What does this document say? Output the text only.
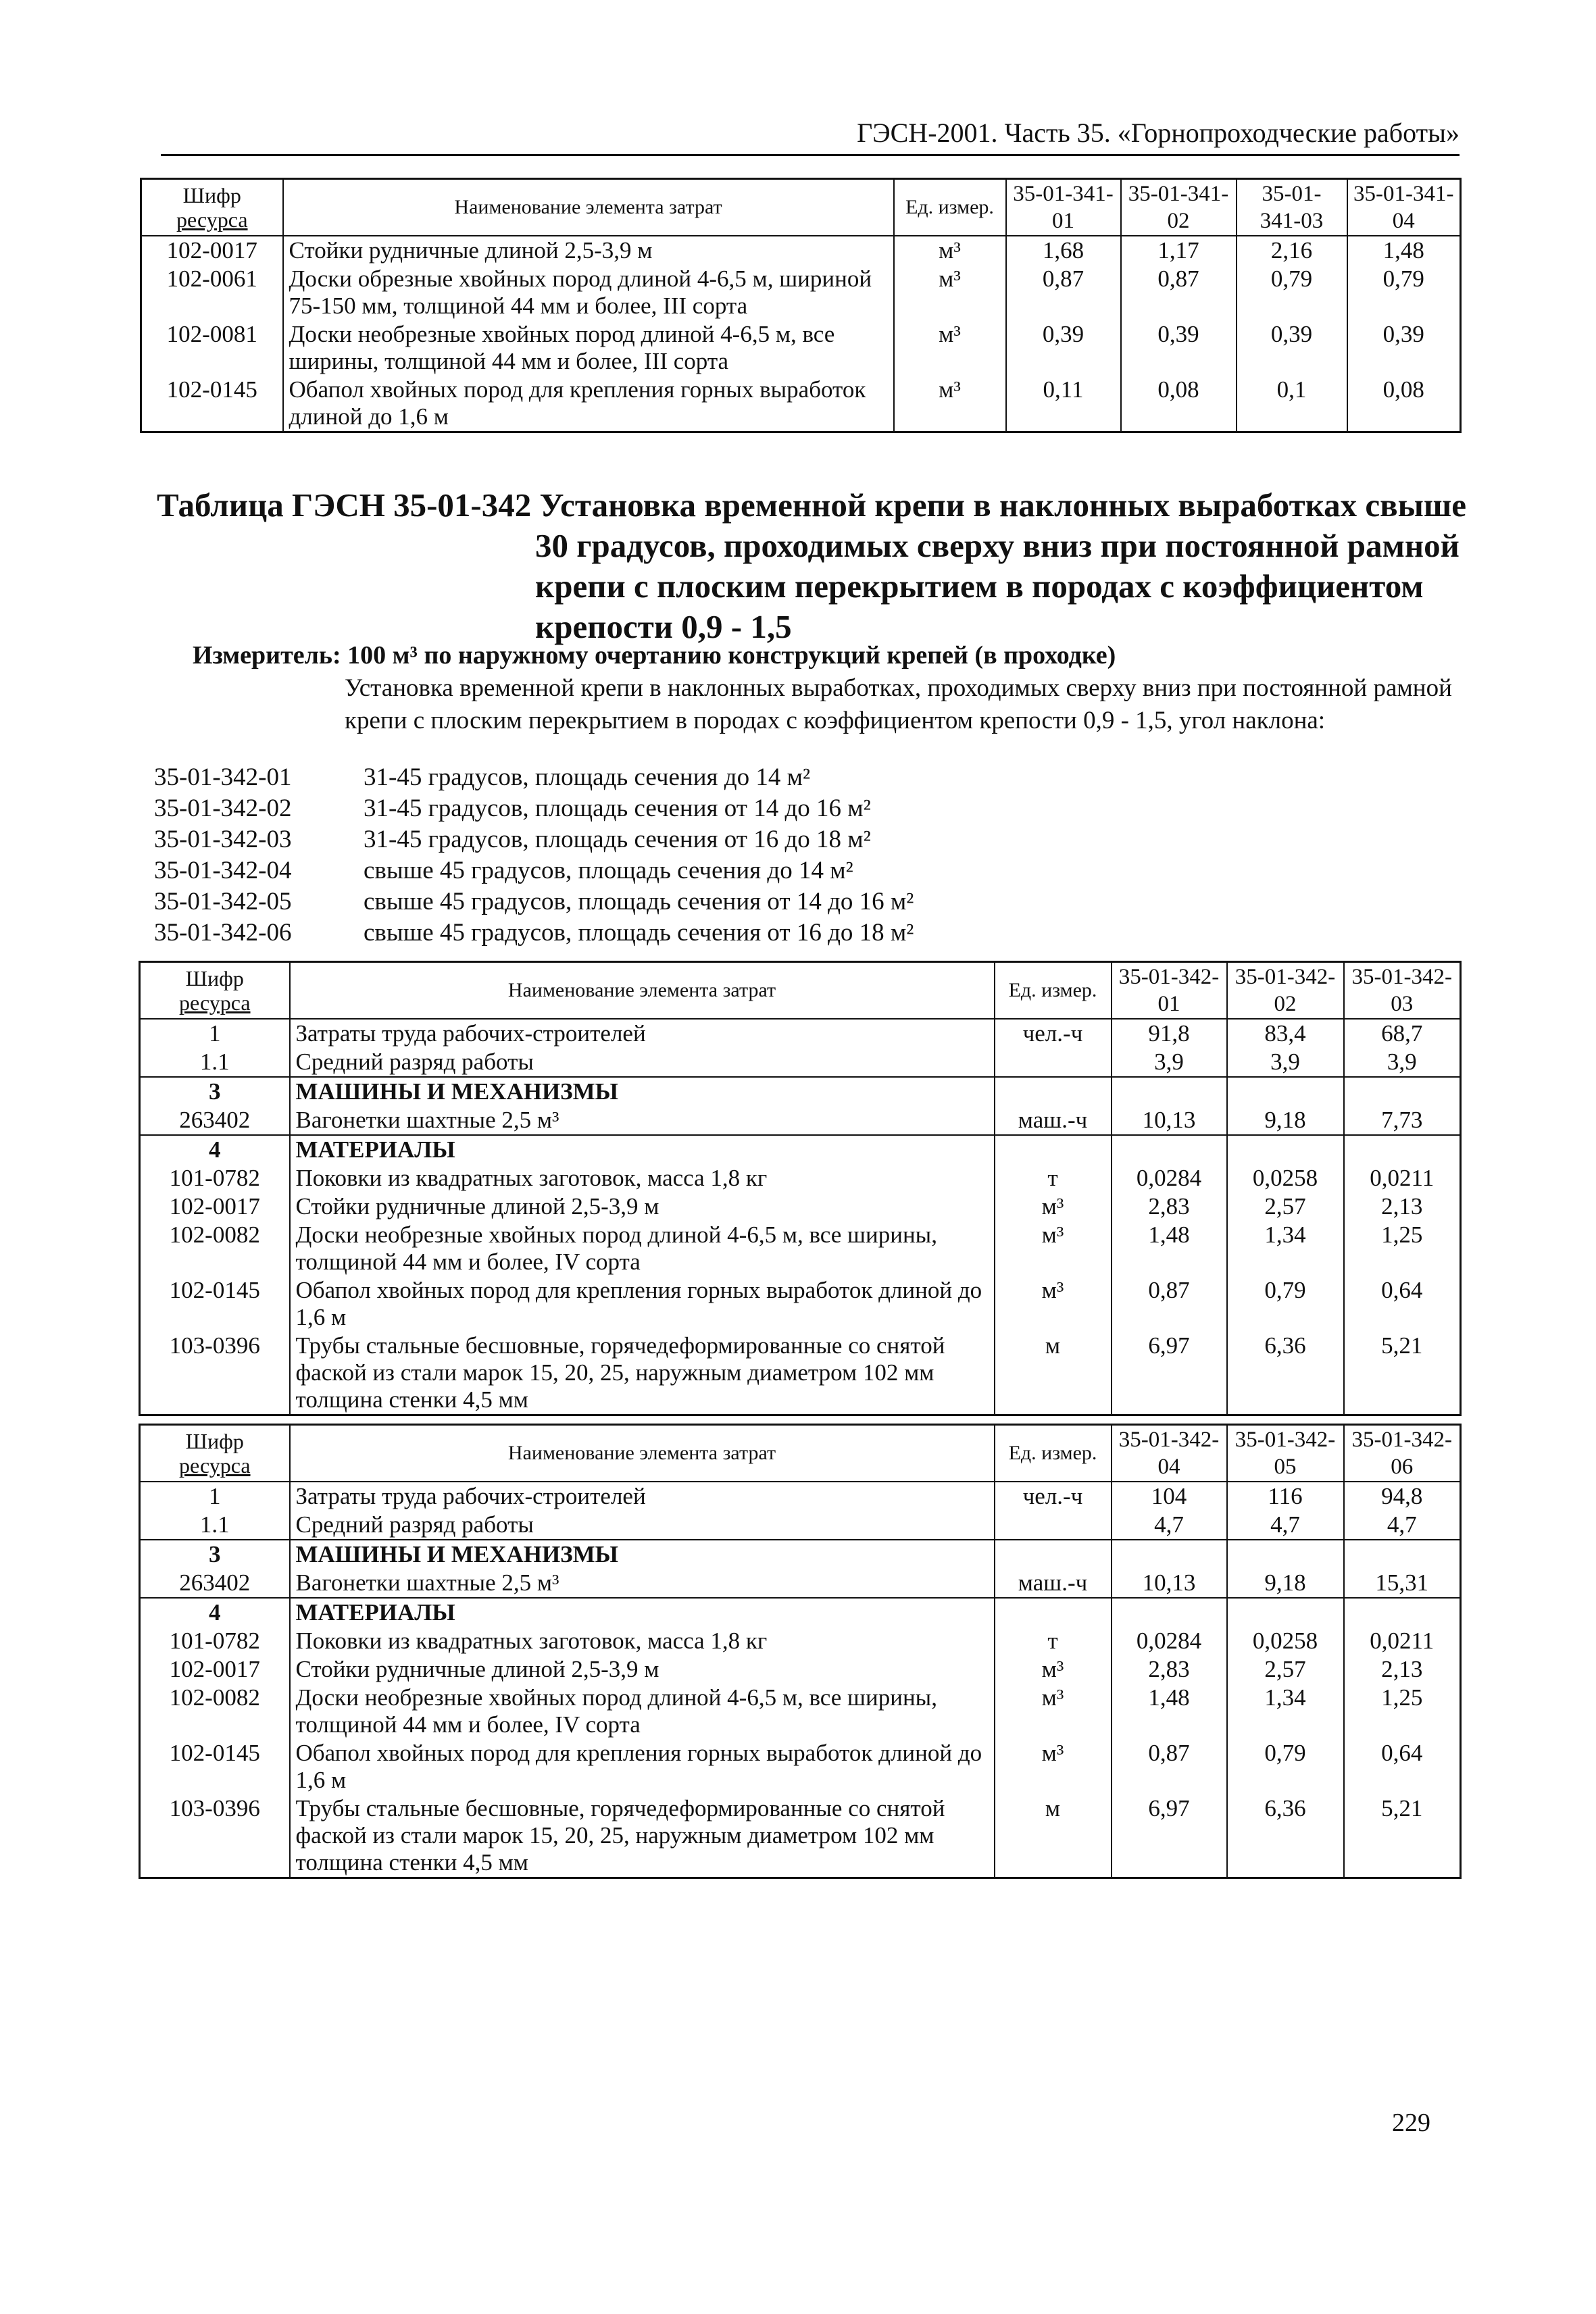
ГЭСН-2001. Часть 35. «Горнопроходческие работы»
Шифр
ресурса	Наименование элемента затрат	Ед. измер.	35-01-341-01	35-01-341-02	35-01-341-03	35-01-341-04
102-0017	Стойки рудничные длиной 2,5-3,9 м	м³	1,68	1,17	2,16	1,48
102-0061	Доски обрезные хвойных пород длиной 4-6,5 м, шириной 75-150 мм, толщиной 44 мм и более, III сорта	м³	0,87	0,87	0,79	0,79
102-0081	Доски необрезные хвойных пород длиной 4-6,5 м, все ширины, толщиной 44 мм и более, III сорта	м³	0,39	0,39	0,39	0,39
102-0145	Обапол хвойных пород для крепления горных выработок длиной до 1,6 м	м³	0,11	0,08	0,1	0,08
Таблица ГЭСН 35-01-342 Установка временной крепи в наклонных выработках свыше
30 градусов, проходимых сверху вниз при постоянной рамной крепи с плоским перекрытием в породах с коэффициентом крепости 0,9 - 1,5
Измеритель: 100 м³ по наружному очертанию конструкций крепей (в проходке)
Установка временной крепи в наклонных выработках, проходимых сверху вниз при постоянной рамной крепи с плоским перекрытием в породах с коэффициентом крепости 0,9 - 1,5, угол наклона:
35-01-342-01	31-45 градусов, площадь сечения до 14 м²
35-01-342-02	31-45 градусов, площадь сечения от 14 до 16 м²
35-01-342-03	31-45 градусов, площадь сечения от 16 до 18 м²
35-01-342-04	свыше 45 градусов, площадь сечения до 14 м²
35-01-342-05	свыше 45 градусов, площадь сечения от 14 до 16 м²
35-01-342-06	свыше 45 градусов, площадь сечения от 16 до 18 м²
Шифр
ресурса	Наименование элемента затрат	Ед. измер.	35-01-342-01	35-01-342-02	35-01-342-03
1	Затраты труда рабочих-строителей	чел.-ч	91,8	83,4	68,7
1.1	Средний разряд работы		3,9	3,9	3,9
3	МАШИНЫ И МЕХАНИЗМЫ				
263402	Вагонетки шахтные 2,5 м³	маш.-ч	10,13	9,18	7,73
4	МАТЕРИАЛЫ				
101-0782	Поковки из квадратных заготовок, масса 1,8 кг	т	0,0284	0,0258	0,0211
102-0017	Стойки рудничные длиной 2,5-3,9 м	м³	2,83	2,57	2,13
102-0082	Доски необрезные хвойных пород длиной 4-6,5 м, все ширины, толщиной 44 мм и более, IV сорта	м³	1,48	1,34	1,25
102-0145	Обапол хвойных пород для крепления горных выработок длиной до 1,6 м	м³	0,87	0,79	0,64
103-0396	Трубы стальные бесшовные, горячедеформированные со снятой фаской из стали марок 15, 20, 25, наружным диаметром 102 мм толщина стенки 4,5 мм	м	6,97	6,36	5,21
Шифр
ресурса	Наименование элемента затрат	Ед. измер.	35-01-342-04	35-01-342-05	35-01-342-06
1	Затраты труда рабочих-строителей	чел.-ч	104	116	94,8
1.1	Средний разряд работы		4,7	4,7	4,7
3	МАШИНЫ И МЕХАНИЗМЫ				
263402	Вагонетки шахтные 2,5 м³	маш.-ч	10,13	9,18	15,31
4	МАТЕРИАЛЫ				
101-0782	Поковки из квадратных заготовок, масса 1,8 кг	т	0,0284	0,0258	0,0211
102-0017	Стойки рудничные длиной 2,5-3,9 м	м³	2,83	2,57	2,13
102-0082	Доски необрезные хвойных пород длиной 4-6,5 м, все ширины, толщиной 44 мм и более, IV сорта	м³	1,48	1,34	1,25
102-0145	Обапол хвойных пород для крепления горных выработок длиной до 1,6 м	м³	0,87	0,79	0,64
103-0396	Трубы стальные бесшовные, горячедеформированные со снятой фаской из стали марок 15, 20, 25, наружным диаметром 102 мм толщина стенки 4,5 мм	м	6,97	6,36	5,21
229
